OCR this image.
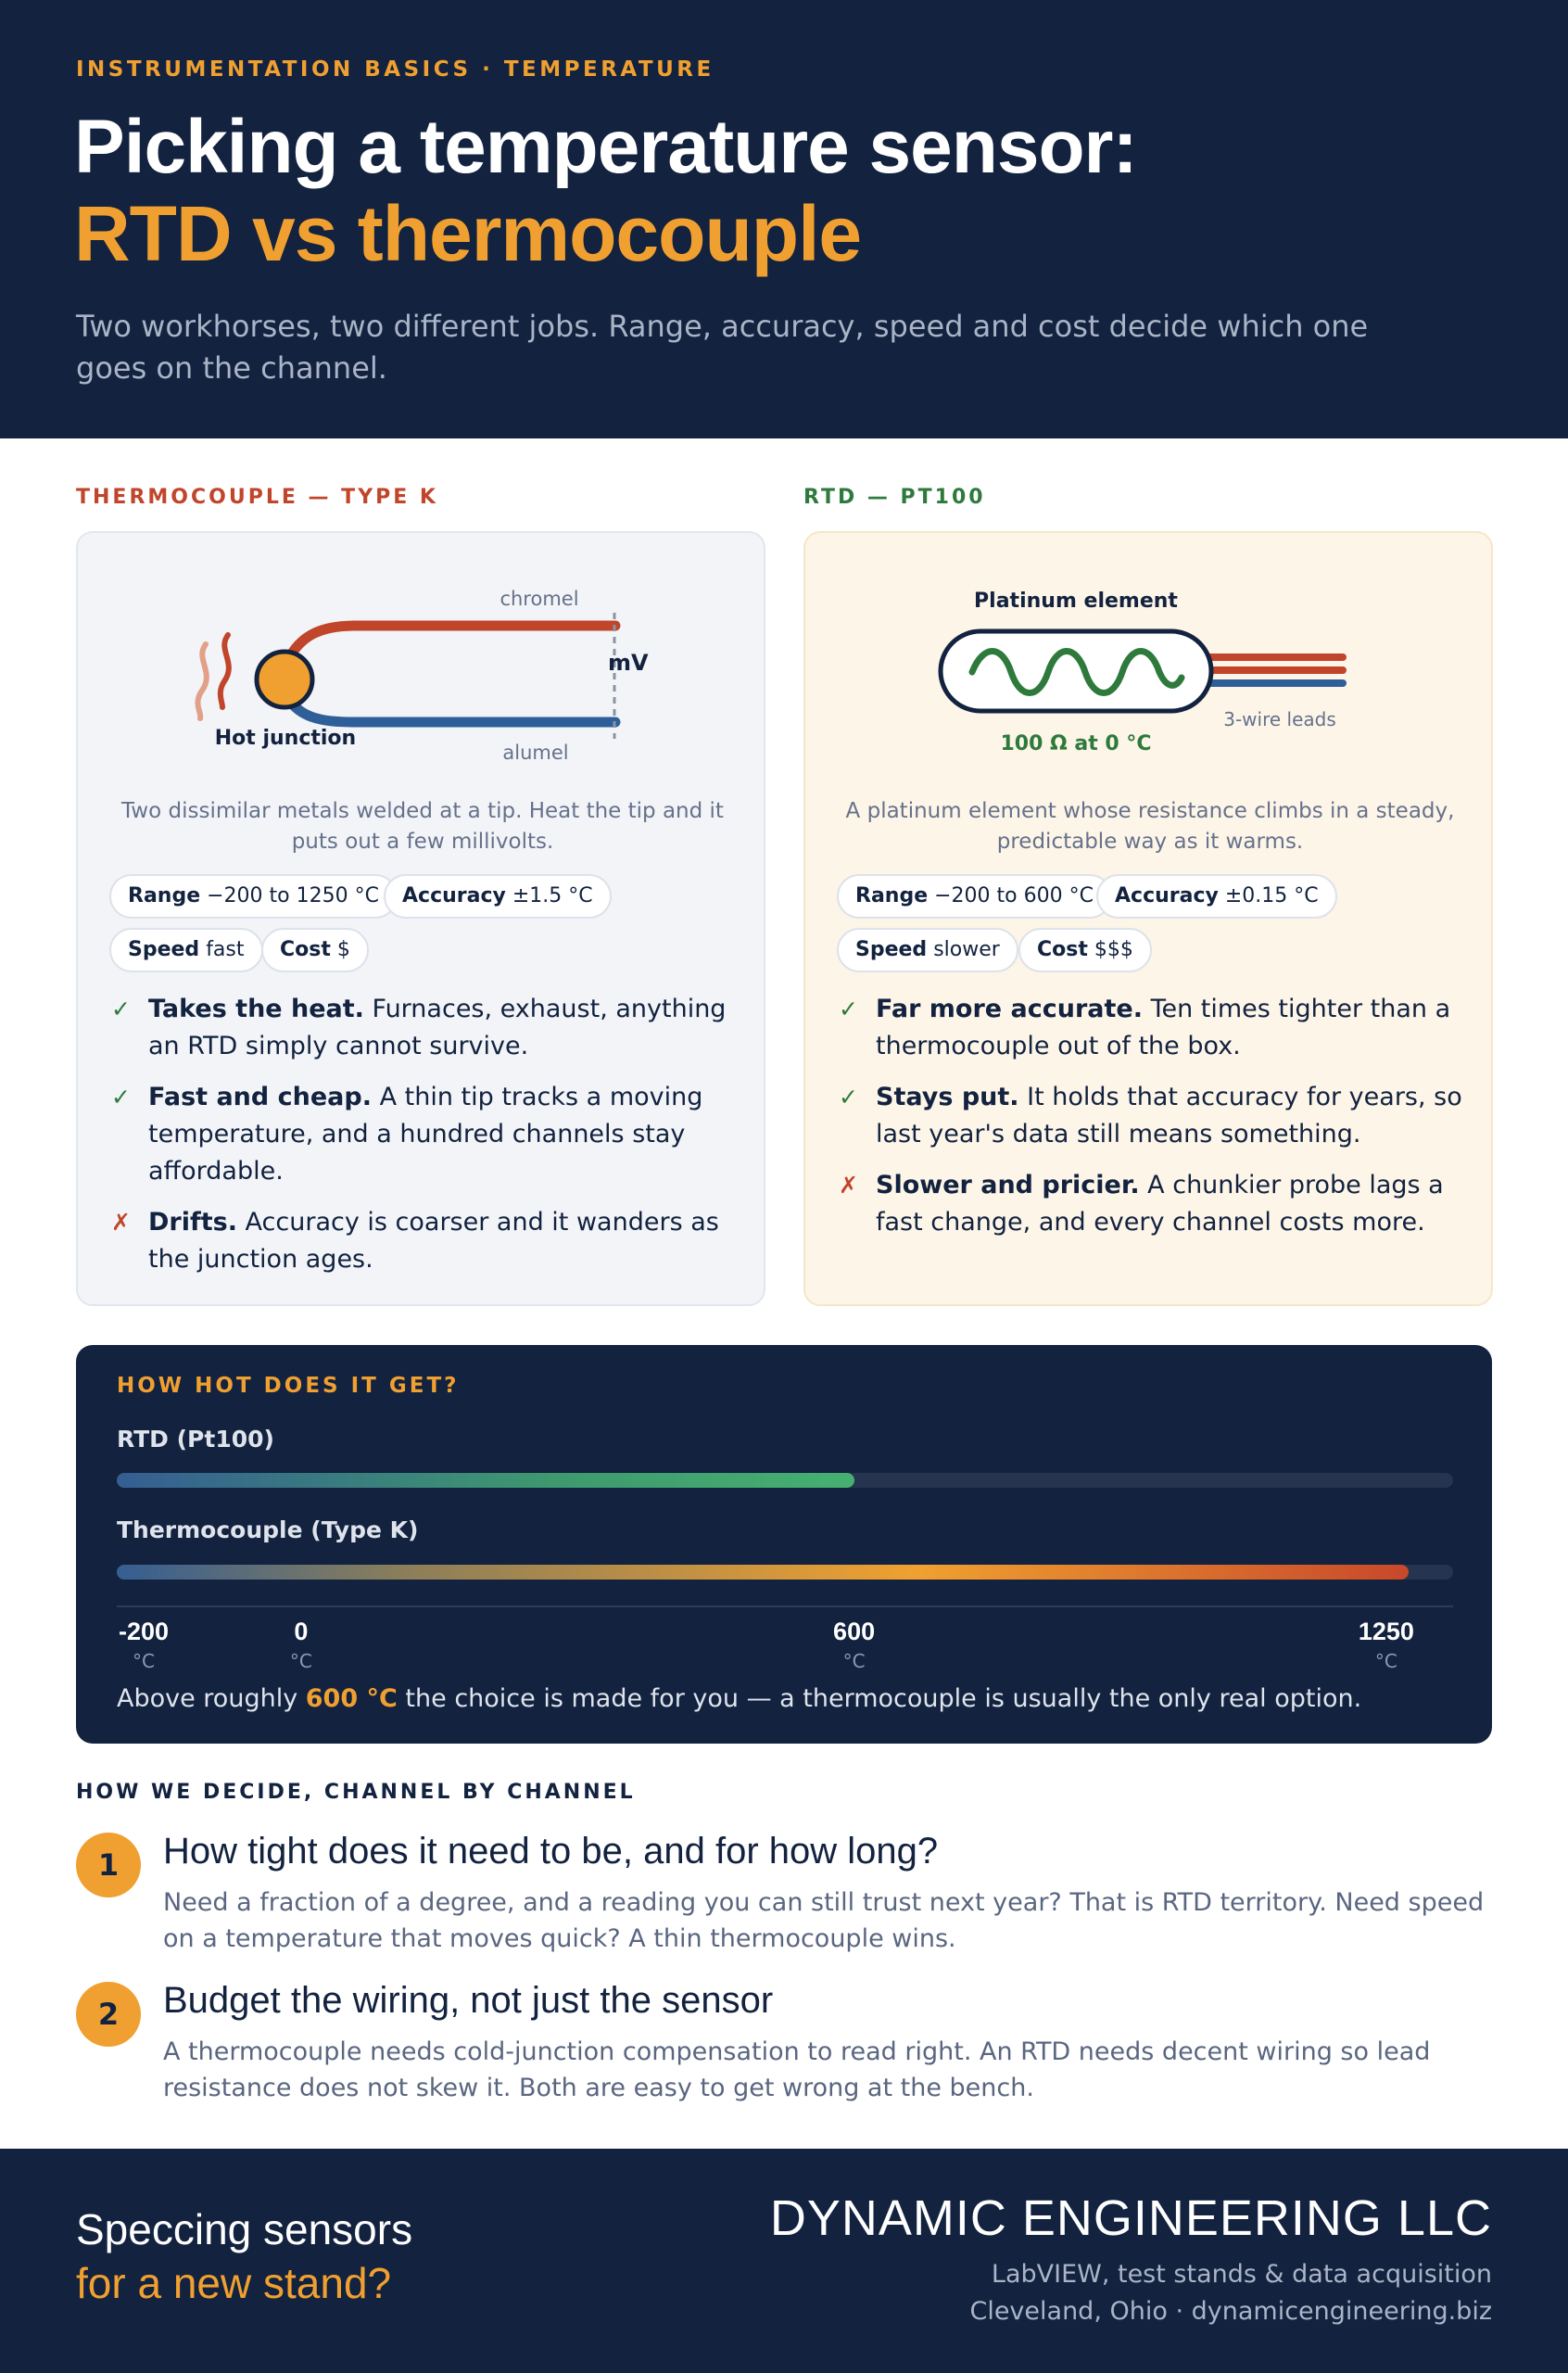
INSTRUMENTATION BASICS · TEMPERATURE
Picking a temperature sensor:
RTD vs thermocouple
Two workhorses, two different jobs. Range, accuracy, speed and cost decide which one goes on the channel.
THERMOCOUPLE — TYPE K
chromel
alumel
mV
Hot junction
Two dissimilar metals welded at a tip. Heat the tip and it puts out a few millivolts.
Range −200 to 1250 °C	Accuracy ±1.5 °C
Speed fast	Cost $
✓ Takes the heat. Furnaces, exhaust, anything an RTD simply cannot survive.
✓ Fast and cheap. A thin tip tracks a moving temperature, and a hundred channels stay affordable.
✗ Drifts. Accuracy is coarser and it wanders as the junction ages.
RTD — PT100
Platinum element
100 Ω at 0 °C
3-wire leads
A platinum element whose resistance climbs in a steady, predictable way as it warms.
Range −200 to 600 °C	Accuracy ±0.15 °C
Speed slower	Cost $$$
✓ Far more accurate. Ten times tighter than a thermocouple out of the box.
✓ Stays put. It holds that accuracy for years, so last year's data still means something.
✗ Slower and pricier. A chunkier probe lags a fast change, and every channel costs more.
HOW HOT DOES IT GET?
RTD (Pt100)
Thermocouple (Type K)
-200
°C
0
°C
600
°C
1250
°C
Above roughly 600 °C the choice is made for you — a thermocouple is usually the only real option.
HOW WE DECIDE, CHANNEL BY CHANNEL
1	How tight does it need to be, and for how long?
Need a fraction of a degree, and a reading you can still trust next year? That is RTD territory. Need speed on a temperature that moves quick? A thin thermocouple wins.
2	Budget the wiring, not just the sensor
A thermocouple needs cold-junction compensation to read right. An RTD needs decent wiring so lead resistance does not skew it. Both are easy to get wrong at the bench.
Speccing sensors
for a new stand?
DYNAMIC ENGINEERING LLC
LabVIEW, test stands & data acquisition
Cleveland, Ohio · dynamicengineering.biz
